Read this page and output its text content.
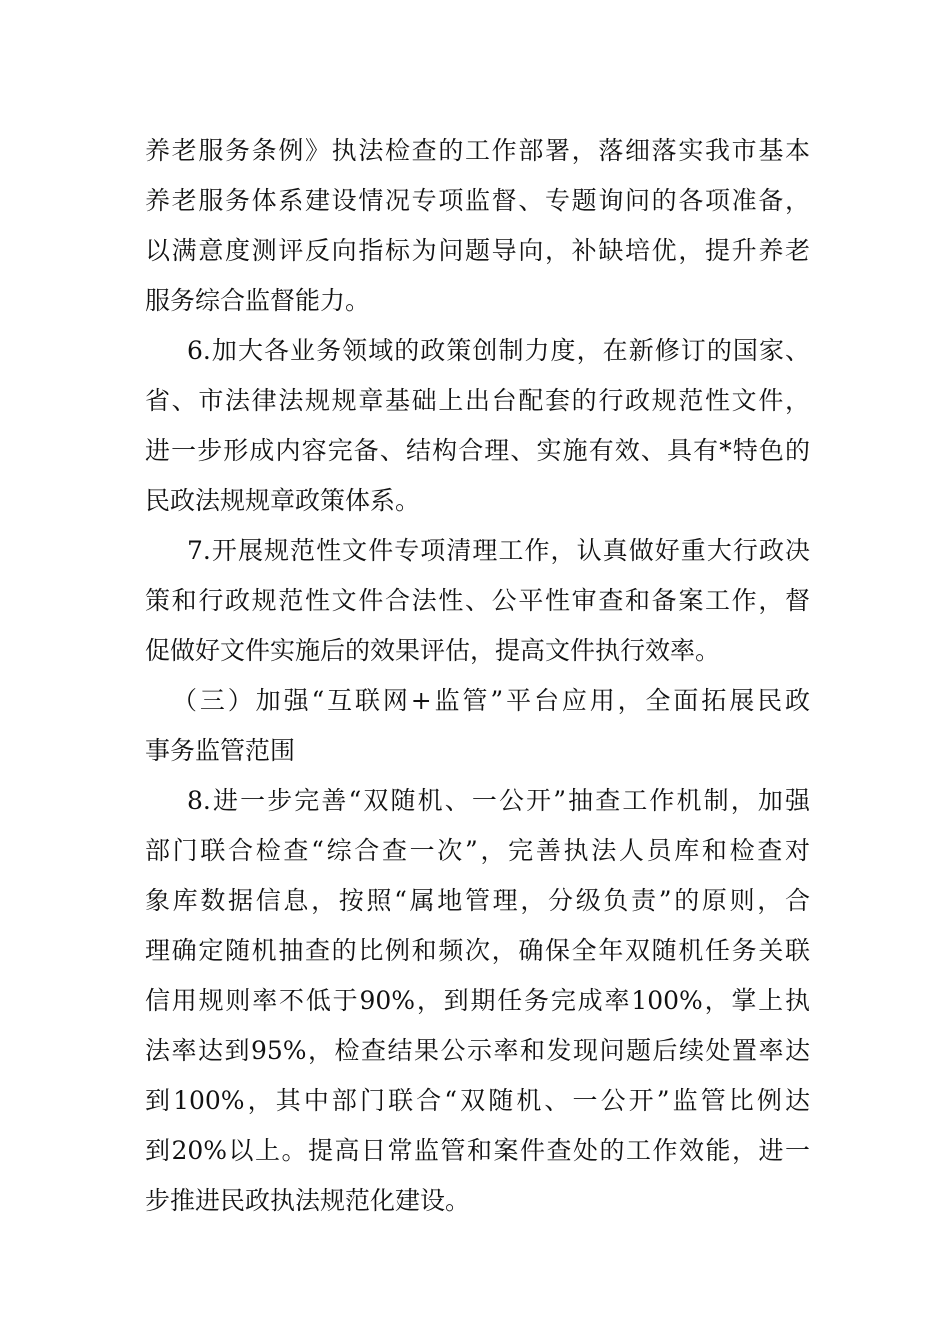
养老服务条例》执法检查的工作部署，落细落实我市基本
养老服务体系建设情况专项监督、专题询问的各项准备，
以满意度测评反向指标为问题导向，补缺培优，提升养老
服务综合监督能力。
6.加大各业务领域的政策创制力度，在新修订的国家、
省、市法律法规规章基础上出台配套的行政规范性文件，
进一步形成内容完备、结构合理、实施有效、具有*特色的
民政法规规章政策体系。
7.开展规范性文件专项清理工作，认真做好重大行政决
策和行政规范性文件合法性、公平性审查和备案工作，督
促做好文件实施后的效果评估，提高文件执行效率。
（三）加强“互联网+监管”平台应用，全面拓展民政
事务监管范围
8.进一步完善“双随机、一公开”抽查工作机制，加强
部门联合检查“综合查一次”，完善执法人员库和检查对
象库数据信息，按照“属地管理，分级负责”的原则，合
理确定随机抽查的比例和频次，确保全年双随机任务关联
信用规则率不低于90%，到期任务完成率100%，掌上执
法率达到95%，检查结果公示率和发现问题后续处置率达
到100%，其中部门联合“双随机、一公开”监管比例达
到20%以上。提高日常监管和案件查处的工作效能，进一
步推进民政执法规范化建设。
